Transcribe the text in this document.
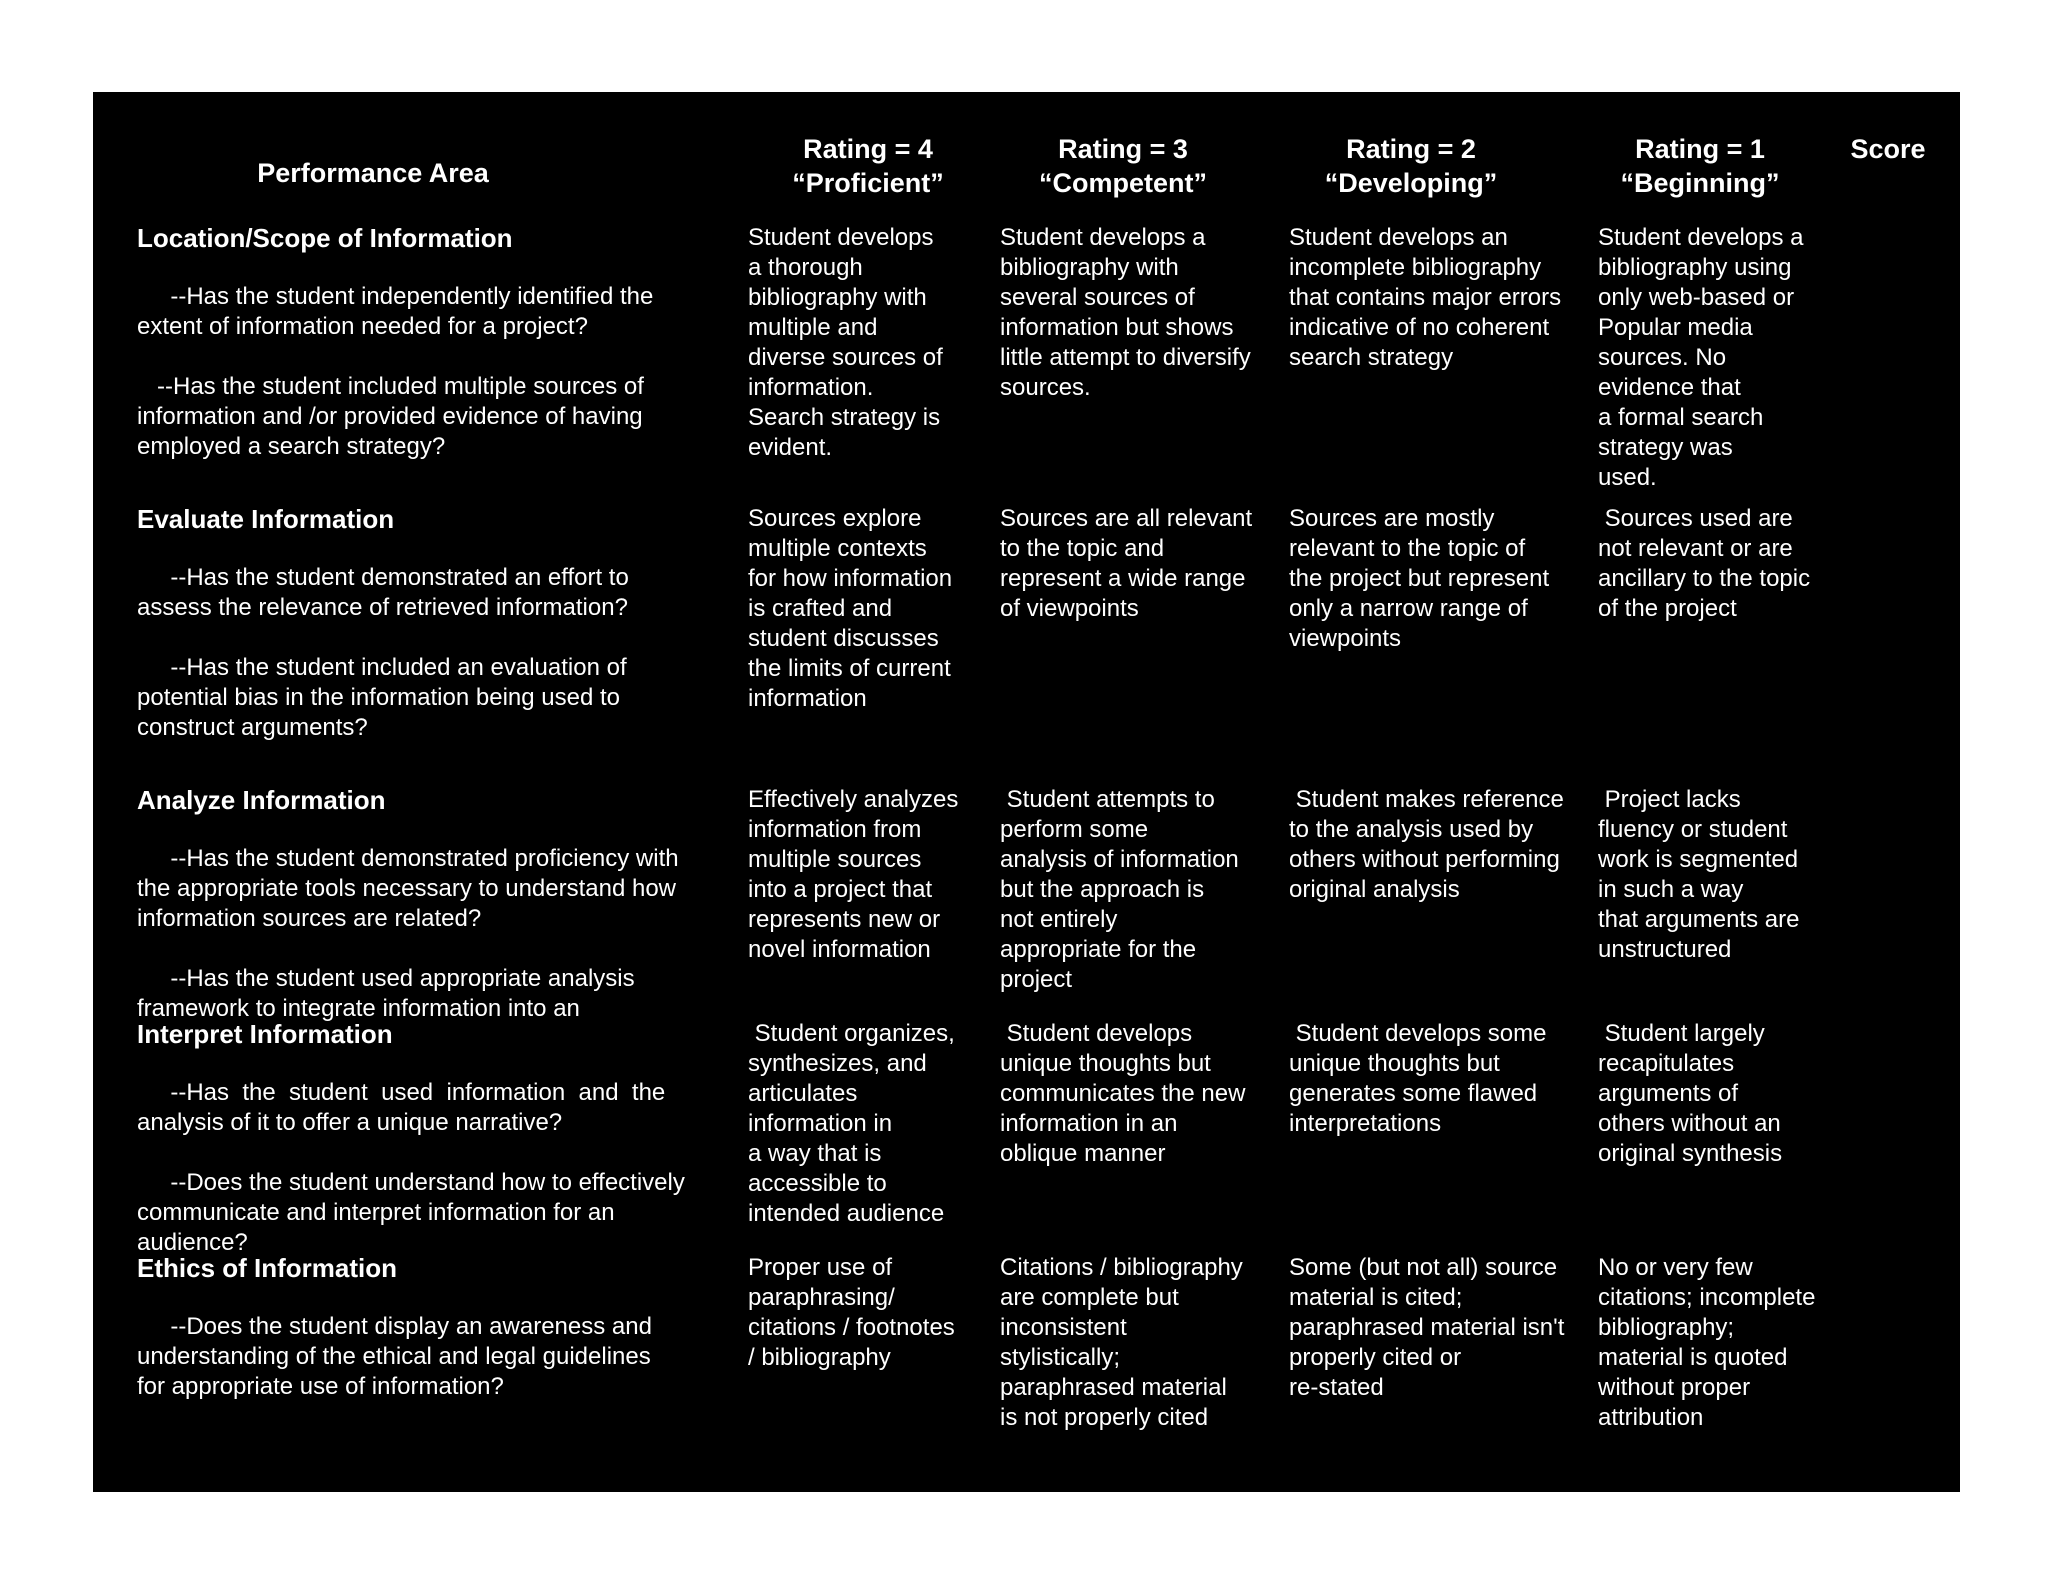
Performance Area
Rating = 4
“Proficient”
Rating = 3
“Competent”
Rating = 2
“Developing”
Rating = 1
“Beginning”
Score
Location/Scope of Information
--Has the student independently identified the
extent of information needed for a project?

--Has the student included multiple sources of
information and /or provided evidence of having
employed a search strategy?
Student develops
a thorough
bibliography with
multiple and
diverse sources of
information.
Search strategy is
evident.
Student develops a
bibliography with
several sources of
information but shows
little attempt to diversify
sources.
Student develops an
incomplete bibliography
that contains major errors
indicative of no coherent
search strategy
Student develops a
bibliography using
only web-based or
Popular media
sources. No
evidence that
a formal search
strategy was
used.
Evaluate Information
--Has the student demonstrated an effort to
assess the relevance of retrieved information?

--Has the student included an evaluation of
potential bias in the information being used to
construct arguments?
Sources explore
multiple contexts
for how information
is crafted and
student discusses
the limits of current
information
Sources are all relevant
to the topic and
represent a wide range
of viewpoints
Sources are mostly
relevant to the topic of
the project but represent
only a narrow range of
viewpoints
Sources used are
not relevant or are
ancillary to the topic
of the project
Analyze Information
--Has the student demonstrated proficiency with
the appropriate tools necessary to understand how
information sources are related?

--Has the student used appropriate analysis
framework to integrate information into an
Effectively analyzes
information from
multiple sources
into a project that
represents new or
novel information
Student attempts to
perform some
analysis of information
but the approach is
not entirely
appropriate for the
project
Student makes reference
to the analysis used by
others without performing
original analysis
Project lacks
fluency or student
work is segmented
in such a way
that arguments are
unstructured
Interpret Information
--Has  the  student  used  information  and  the
analysis of it to offer a unique narrative?

--Does the student understand how to effectively
communicate and interpret information for an
audience?
Student organizes,
synthesizes, and
articulates
information in
a way that is
accessible to
intended audience
Student develops
unique thoughts but
communicates the new
information in an
oblique manner
Student develops some
unique thoughts but
generates some flawed
interpretations
Student largely
recapitulates
arguments of
others without an
original synthesis
Ethics of Information
--Does the student display an awareness and
understanding of the ethical and legal guidelines
for appropriate use of information?
Proper use of
paraphrasing/
citations / footnotes
/ bibliography
Citations / bibliography
are complete but
inconsistent
stylistically;
paraphrased material
is not properly cited
Some (but not all) source
material is cited;
paraphrased material isn't
properly cited or
re-stated
No or very few
citations; incomplete
bibliography;
material is quoted
without proper
attribution
